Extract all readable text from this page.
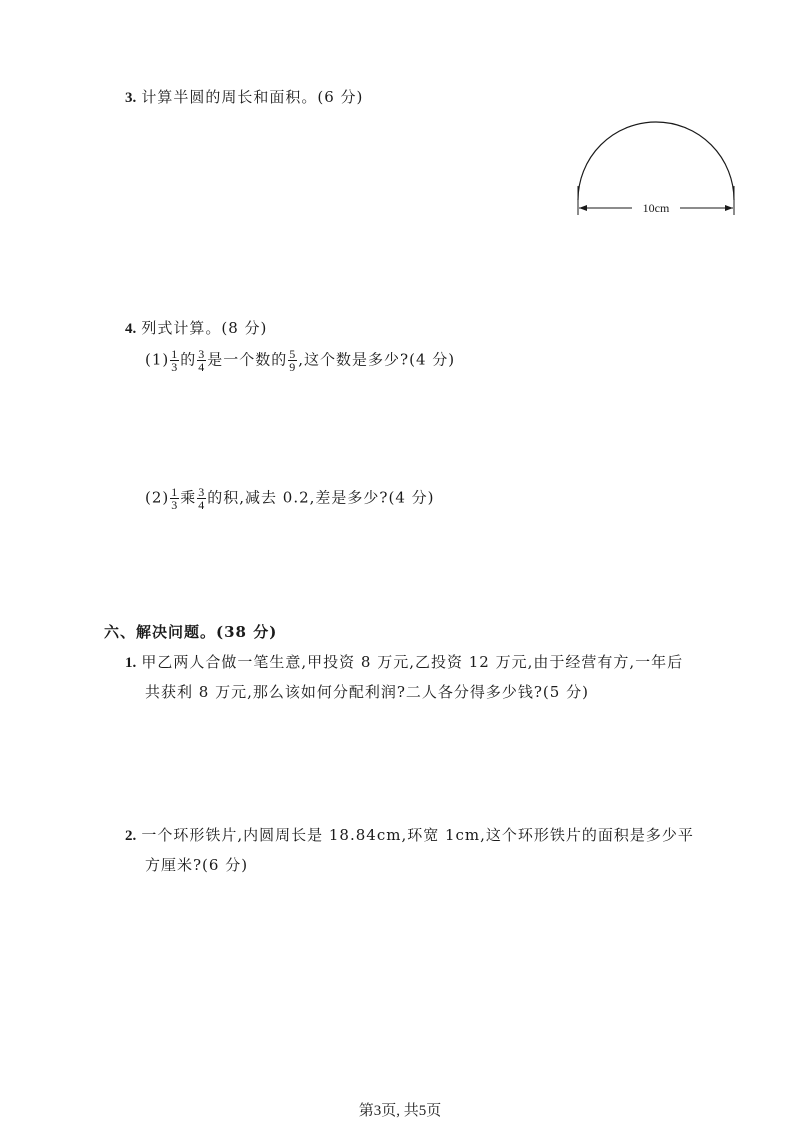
3. 计算半圆的周长和面积。(6 分)
10cm
4. 列式计算。(8 分)
$(1) \frac{1}{3}$ 的 $\frac{3}{4}$ 是一个数的 $\frac{5}{9}$ ,这个数是多少?(4 分)
$(2) \frac{1}{3}$ 乘 $\frac{3}{4}$ 的积,减去 0.2,差是多少?(4 分)
六、解决问题。(38 分)
1. 甲乙两人合做一笔生意,甲投资 8 万元,乙投资 12 万元,由于经营有方,一年后
共获利 8 万元,那么该如何分配利润?二人各分得多少钱?(5 分)
2. 一个环形铁片,内圆周长是 18.84cm,环宽 1cm,这个环形铁片的面积是多少平
方厘米?(6 分)
第3页, 共5页
